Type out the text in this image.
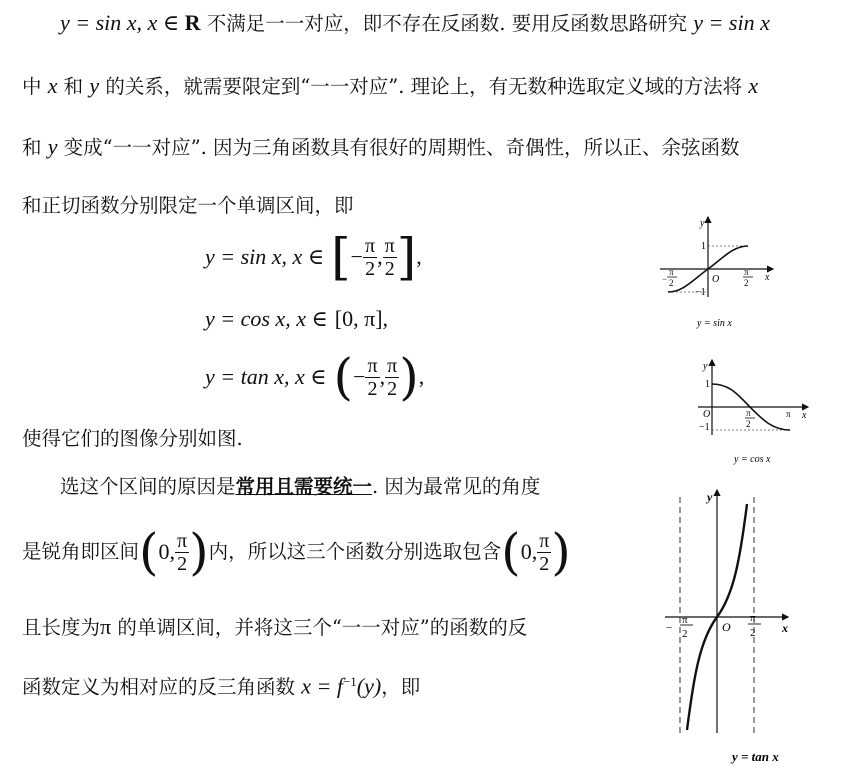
y = sin x, x ∈ R 不满足一一对应，即不存在反函数. 要用反函数思路研究 y = sin x
中 x 和 y 的关系，就需要限定到“一一对应”. 理论上，有无数种选取定义域的方法将 x
和 y 变成“一一对应”. 因为三角函数具有很好的周期性、奇偶性，所以正、余弦函数
和正切函数分别限定一个单调区间，即
y = sin x, x ∈ [− $\frac{\pi}{2}$ , $\frac{\pi}{2}$ ],
y = cos x, x ∈ [0, π],
y = tan x, x ∈ (− $\frac{\pi}{2}$ , $\frac{\pi}{2}$ ),
使得它们的图像分别如图.
选这个区间的原因是常用且需要统一. 因为最常见的角度
是锐角即区间(0, $\frac{\pi}{2}$ )内，所以这三个函数分别选取包含(0, $\frac{\pi}{2}$ )
且长度为π 的单调区间，并将这三个“一一对应”的函数的反
函数定义为相对应的反三角函数 $x = f^{-1}(y)$，即
y
x
O
1
−1
π
− 2
π
2
y = sin x
y
x
O
1
−1
π
2
π
y = cos x
y
x
O
π
2
−
π
2
y = tan x
